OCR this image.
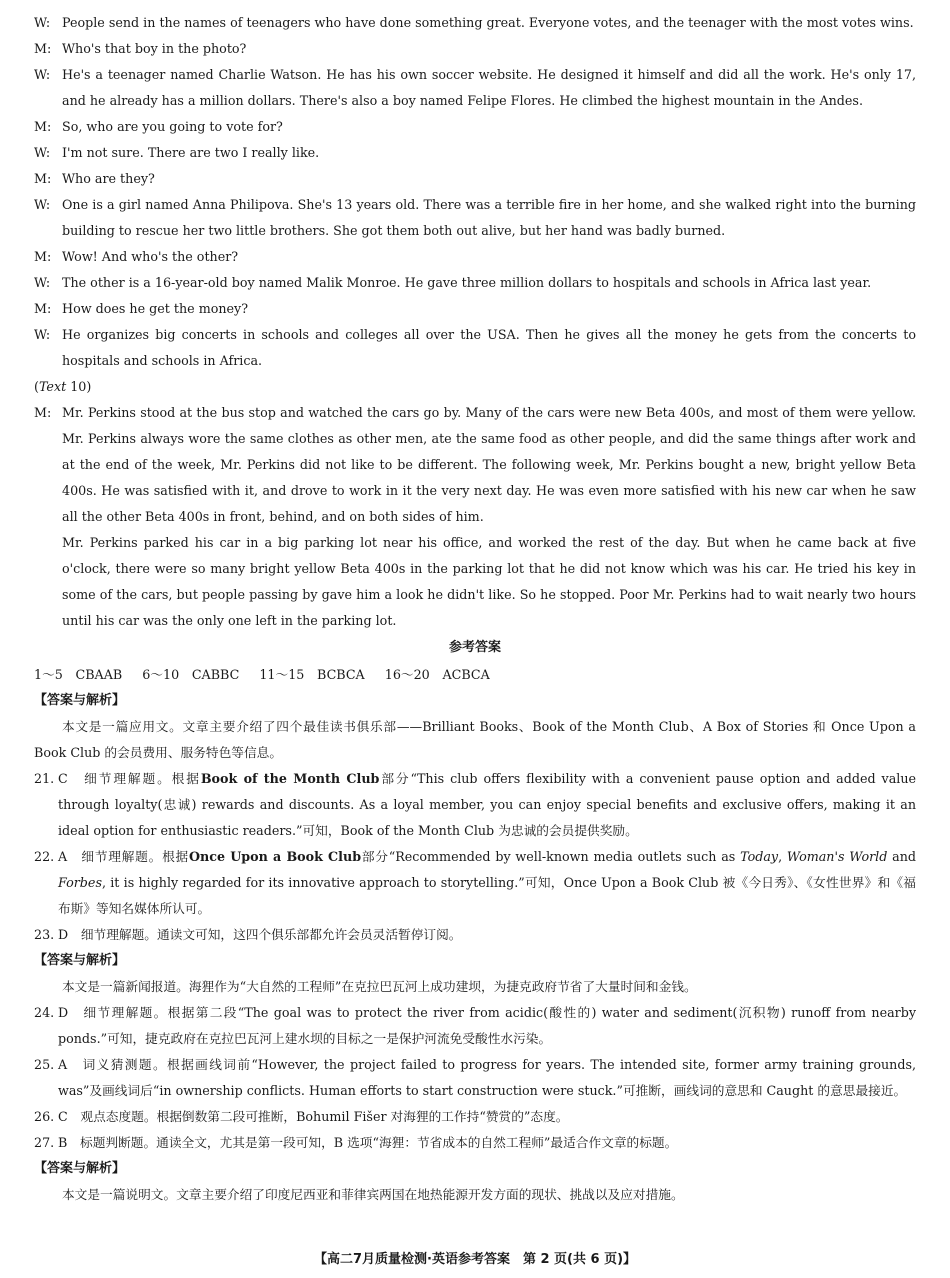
W: People send in the names of teenagers who have done something great. Everyone votes, and the teenager with the most votes wins.
M: Who's that boy in the photo?
W: He's a teenager named Charlie Watson. He has his own soccer website. He designed it himself and did all the work. He's only 17, and he already has a million dollars. There's also a boy named Felipe Flores. He climbed the highest mountain in the Andes.
M: So, who are you going to vote for?
W: I'm not sure. There are two I really like.
M: Who are they?
W: One is a girl named Anna Philipova. She's 13 years old. There was a terrible fire in her home, and she walked right into the burning building to rescue her two little brothers. She got them both out alive, but her hand was badly burned.
M: Wow! And who's the other?
W: The other is a 16-year-old boy named Malik Monroe. He gave three million dollars to hospitals and schools in Africa last year.
M: How does he get the money?
W: He organizes big concerts in schools and colleges all over the USA. Then he gives all the money he gets from the concerts to hospitals and schools in Africa.
(Text 10)
M: Mr. Perkins stood at the bus stop and watched the cars go by. Many of the cars were new Beta 400s, and most of them were yellow. Mr. Perkins always wore the same clothes as other men, ate the same food as other people, and did the same things after work and at the end of the week, Mr. Perkins did not like to be different. The following week, Mr. Perkins bought a new, bright yellow Beta 400s. He was satisfied with it, and drove to work in it the very next day. He was even more satisfied with his new car when he saw all the other Beta 400s in front, behind, and on both sides of him.

Mr. Perkins parked his car in a big parking lot near his office, and worked the rest of the day. But when he came back at five o'clock, there were so many bright yellow Beta 400s in the parking lot that he did not know which was his car. He tried his key in some of the cars, but people passing by gave him a look he didn't like. So he stopped. Poor Mr. Perkins had to wait nearly two hours until his car was the only one left in the parking lot.

参考答案
1～5　CBAAB 6～10　CABBC 11～15　BCBCA 16～20　ACBCA
【答案与解析】
本文是一篇应用文。文章主要介绍了四个最佳读书俱乐部——Brilliant Books、Book of the Month Club、A Box of Stories 和 Once Upon a Book Club 的会员费用、服务特色等信息。
21. C　细节理解题。根据Book of the Month Club部分“This club offers flexibility with a convenient pause option and added value through loyalty(忠诚) rewards and discounts. As a loyal member, you can enjoy special benefits and exclusive offers, making it an ideal option for enthusiastic readers.”可知，Book of the Month Club 为忠诚的会员提供奖励。
22. A　细节理解题。根据Once Upon a Book Club部分“Recommended by well-known media outlets such as Today, Woman's World and Forbes, it is highly regarded for its innovative approach to storytelling.”可知，Once Upon a Book Club 被《今日秀》、《女性世界》和《福布斯》等知名媒体所认可。
23. D　细节理解题。通读文可知，这四个俱乐部都允许会员灵活暂停订阅。
【答案与解析】
本文是一篇新闻报道。海狸作为“大自然的工程师”在克拉巴瓦河上成功建坝，为捷克政府节省了大量时间和金钱。
24. D　细节理解题。根据第二段“The goal was to protect the river from acidic(酸性的) water and sediment(沉积物) runoff from nearby ponds.”可知，捷克政府在克拉巴瓦河上建水坝的目标之一是保护河流免受酸性水污染。
25. A　词义猜测题。根据画线词前“However, the project failed to progress for years. The intended site, former army training grounds, was”及画线词后“in ownership conflicts. Human efforts to start construction were stuck.”可推断，画线词的意思和 Caught 的意思最接近。
26. C　观点态度题。根据倒数第二段可推断，Bohumil Fišer 对海狸的工作持“赞赏的”态度。
27. B　标题判断题。通读全文，尤其是第一段可知，B 选项“海狸：节省成本的自然工程师”最适合作文章的标题。
【答案与解析】
本文是一篇说明文。文章主要介绍了印度尼西亚和菲律宾两国在地热能源开发方面的现状、挑战以及应对措施。
【高二7月质量检测·英语参考答案　第 2 页(共 6 页)】
